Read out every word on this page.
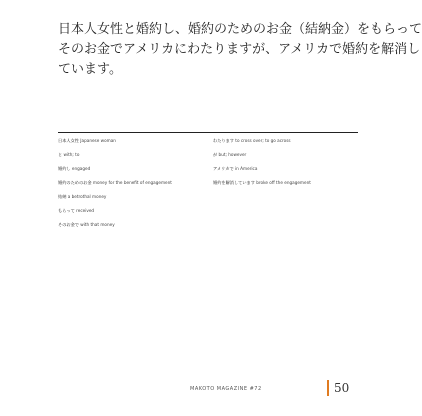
日本人女性と婚約し、婚約のためのお金（結納金）をもらって
そのお金でアメリカにわたりますが、アメリカで婚約を解消し
ています。
日本人女性 Japanese woman
と with; to
婚約し engaged
婚約のためのお金 money for the benefit of engagement
結納 a betrothal money
もらって received
そのお金で with that money
わたります to cross over; to go across
が but; however
アメリカで in America
婚約を解消しています broke off the engagement
MAKOTO MAGAZINE #72	50
